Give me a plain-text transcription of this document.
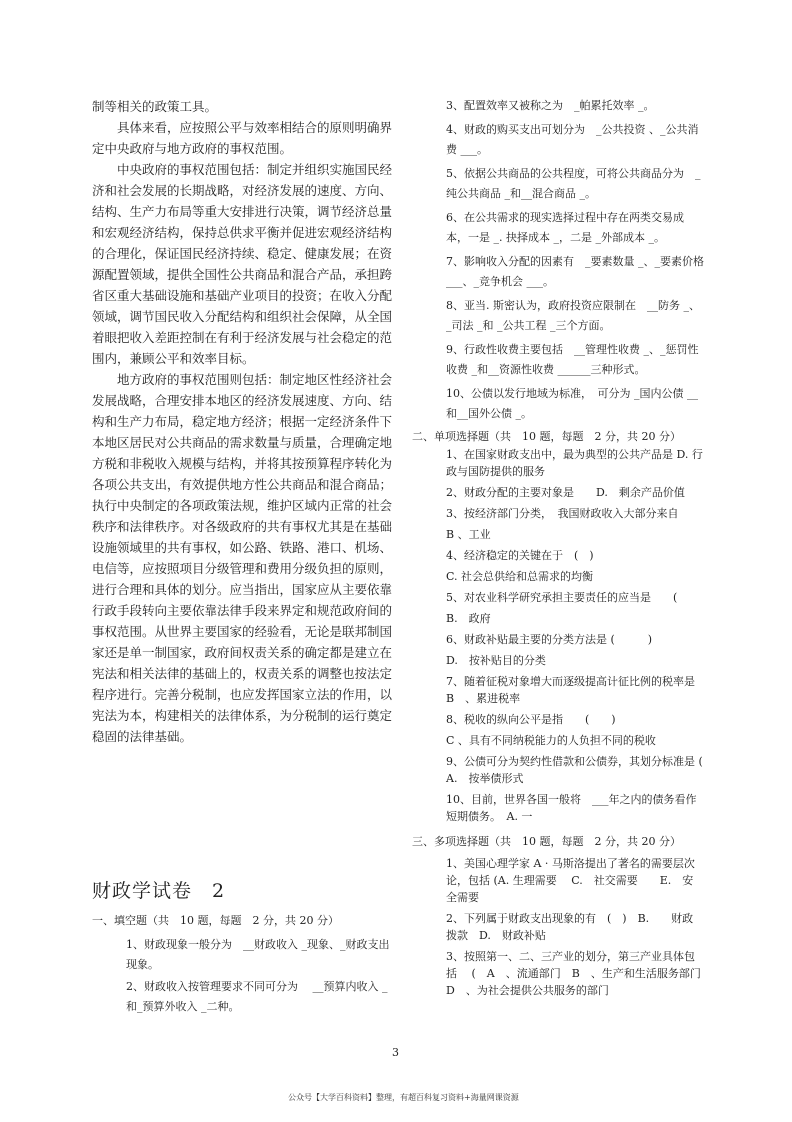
制等相关的政策工具。

具体来看，应按照公平与效率相结合的原则明确界定中央政府与地方政府的事权范围。

中央政府的事权范围包括：制定并组织实施国民经济和社会发展的长期战略，对经济发展的速度、方向、结构、生产力布局等重大安排进行决策，调节经济总量和宏观经济结构，保持总供求平衡并促进宏观经济结构的合理化，保证国民经济持续、稳定、健康发展；在资源配置领域，提供全国性公共商品和混合产品，承担跨省区重大基础设施和基础产业项目的投资；在收入分配领域，调节国民收入分配结构和组织社会保障，从全国着眼把收入差距控制在有利于经济发展与社会稳定的范围内，兼顾公平和效率目标。

地方政府的事权范围则包括：制定地区性经济社会发展战略，合理安排本地区的经济发展速度、方向、结构和生产力布局，稳定地方经济；根据一定经济条件下本地区居民对公共商品的需求数量与质量，合理确定地方税和非税收入规模与结构，并将其按预算程序转化为各项公共支出，有效提供地方性公共商品和混合商品；执行中央制定的各项政策法规，维护区域内正常的社会秩序和法律秩序。对各级政府的共有事权尤其是在基础设施领域里的共有事权，如公路、铁路、港口、机场、电信等，应按照项目分级管理和费用分级负担的原则，进行合理和具体的划分。应当指出，国家应从主要依靠行政手段转向主要依靠法律手段来界定和规范政府间的事权范围。从世界主要国家的经验看，无论是联邦制国家还是单一制国家，政府间权责关系的确定都是建立在宪法和相关法律的基础上的，权责关系的调整也按法定程序进行。完善分税制，也应发挥国家立法的作用，以宪法为本，构建相关的法律体系，为分税制的运行奠定稳固的法律基础。

财政学试卷　2
一、填空题（共　10 题，每题　2 分，共 20 分）
1、财政现象一般分为　__财政收入 _现象、_财政支出 现象。
2、财政收入按管理要求不同可分为　 __预算内收入 _和_预算外收入 _二种。
3、配置效率又被称之为　_帕累托效率 _。
4、财政的购买支出可划分为　_公共投资 、_公共消费 ___。
5、依据公共商品的公共程度，可将公共商品分为　_纯公共商品 _和__混合商品 _。
6、在公共需求的现实选择过程中存在两类交易成本，一是 _. 抉择成本 _，二是 _外部成本 _。
7、影响收入分配的因素有　_要素数量 _、_要素价格 ___、_竞争机会 ___。
8、亚当. 斯密认为，政府投资应限制在　__防务 _、_司法 _和 _公共工程 _三个方面。
9、行政性收费主要包括　__管理性收费 _、_惩罚性收费 _和__资源性收费 ______三种形式。
10、公债以发行地域为标准，　可分为 _国内公债 __ 和__国外公债 _。
二、单项选择题（共　10 题，每题　2 分，共 20 分）
1、在国家财政支出中，最为典型的公共产品是 D. 行政与国防提供的服务
2、财政分配的主要对象是　　D.　剩余产品价值
3、按经济部门分类，　我国财政收入大部分来自
B 、工业
4、经济稳定的关键在于　(　)
C. 社会总供给和总需求的均衡
5、对农业科学研究承担主要责任的应当是　　(
B.　政府
6、财政补贴最主要的分类方法是 (　　　)
D.　按补贴目的分类
7、随着征税对象增大而逐级提高计征比例的税率是　B　、累进税率
8、税收的纵向公平是指　　(　　)
C 、具有不同纳税能力的人负担不同的税收
9、公债可分为契约性借款和公债券，其划分标准是 (　A.　按举债形式
10、目前，世界各国一般将　___年之内的债务看作短期债务。　A. 一
三、多项选择题（共　10 题，每题　2 分，共 20 分）
1、美国心理学家 A · 马斯洛提出了著名的需要层次论，包括 (A. 生理需要　 C.　社交需要　　E.　安全需要
2、下列属于财政支出现象的有　(　)　B.　　财政拨款　D.　财政补贴
3、按照第一、二、三产业的划分，第三产业具体包括　 (　A　、流通部门　B　、生产和生活服务部门　D　、为社会提供公共服务的部门
3
公众号【大学百科资料】整理，有超百科复习资料+海量网课资源
